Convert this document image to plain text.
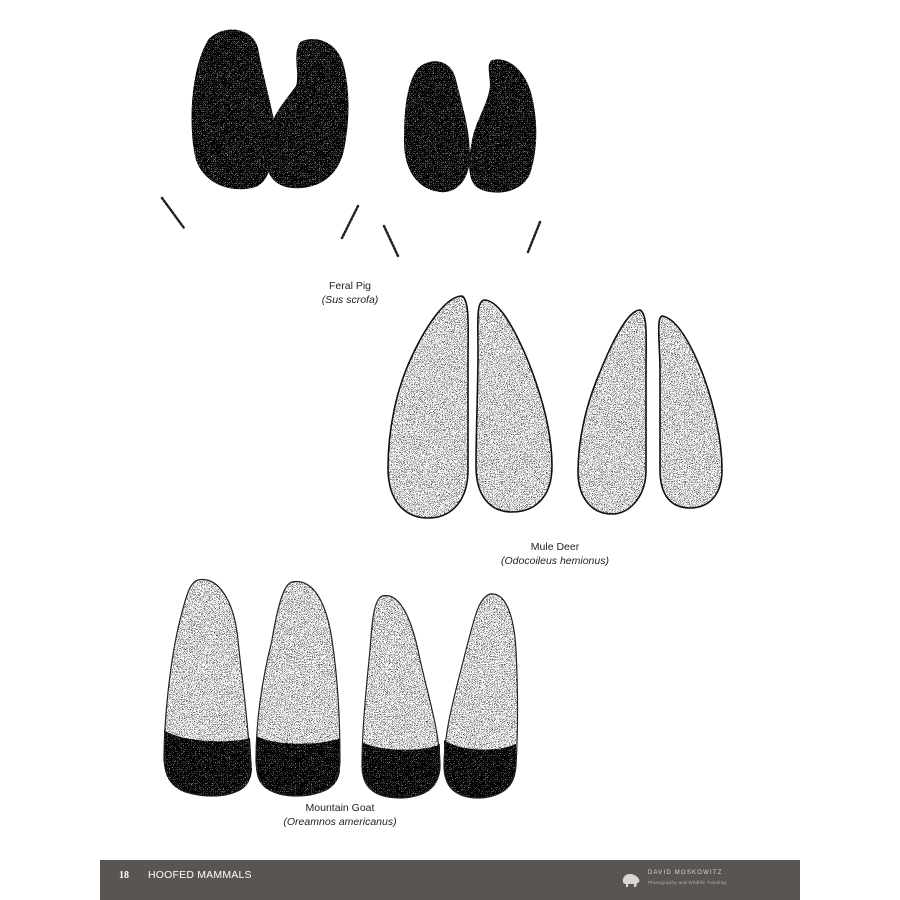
Feral Pig
(Sus scrofa)
Mule Deer
(Odocoileus hemionus)
Mountain Goat
(Oreamnos americanus)
18 HOOFED MAMMALS	DAVID MOSKOWITZ
Photography and Wildlife Tracking
